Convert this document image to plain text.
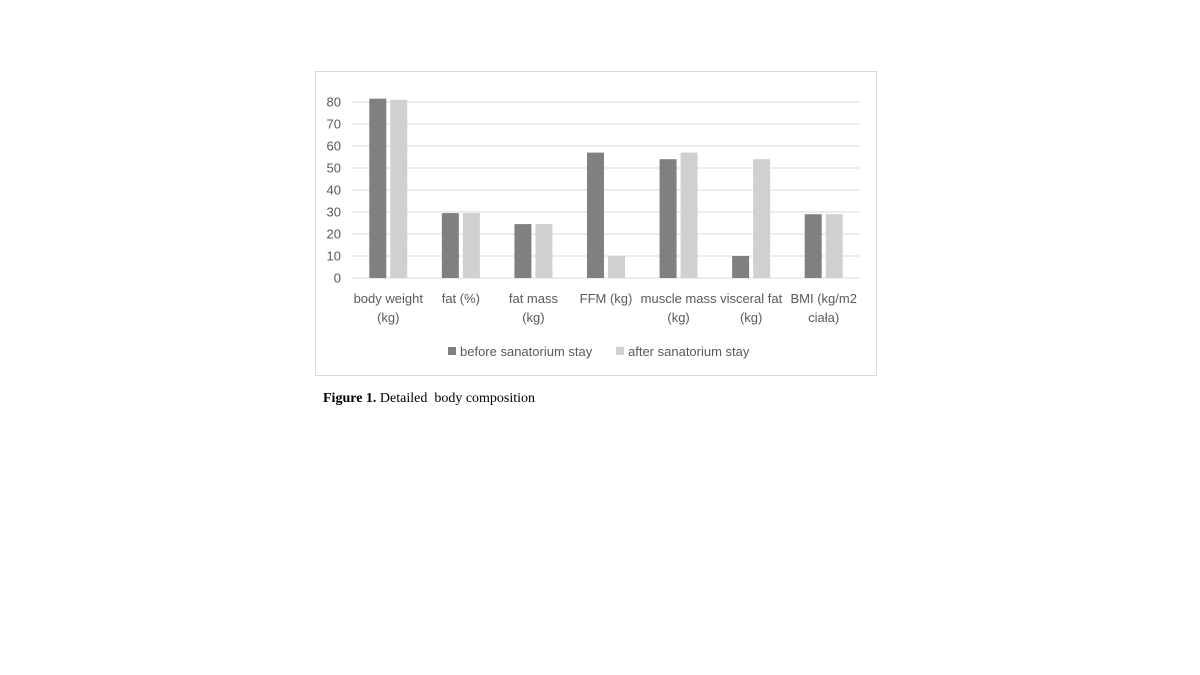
0
10
20
30
40
50
60
70
80
body weight
(kg)
fat (%) fat mass
(kg)
FFM (kg) muscle mass
(kg)
visceral fat
(kg)
BMI (kg/m2
ciała)
before sanatorium stay	after sanatorium stay
Figure 1. Detailed  body composition
